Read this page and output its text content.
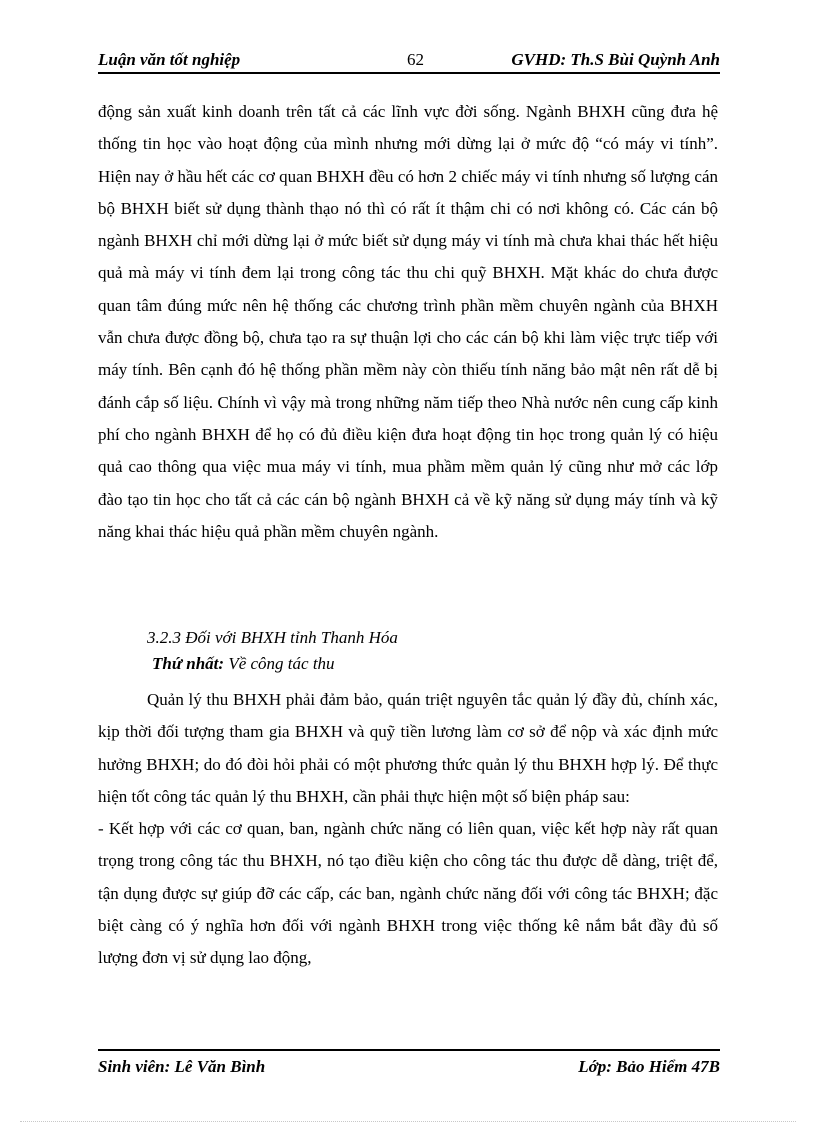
Luận văn tốt nghiệp	62	GVHD: Th.S Bùi Quỳnh Anh

động sản xuất kinh doanh trên tất cả các lĩnh vực đời sống. Ngành BHXH cũng đưa hệ thống tin học vào hoạt động của mình nhưng mới dừng lại ở mức độ “có máy vi tính”. Hiện nay ở hầu hết các cơ quan BHXH đều có hơn 2 chiếc máy vi tính nhưng số lượng cán bộ BHXH biết sử dụng thành thạo nó thì có rất ít thậm chi có nơi không có. Các cán bộ ngành BHXH chỉ mới dừng lại ở mức biết sử dụng máy vi tính mà chưa khai thác hết hiệu quả mà máy vi tính đem lại trong công tác thu chi quỹ BHXH. Mặt khác do chưa được quan tâm đúng mức nên hệ thống các chương trình phần mềm chuyên ngành của BHXH vẫn chưa được đồng bộ, chưa tạo ra sự thuận lợi cho các cán bộ khi làm việc trực tiếp với máy tính. Bên cạnh đó hệ thống phần mềm này còn thiếu tính năng bảo mật nên rất dễ bị đánh cắp số liệu. Chính vì vậy mà trong những năm tiếp theo Nhà nước nên cung cấp kinh phí cho ngành BHXH để họ có đủ điều kiện đưa hoạt động tin học trong quản lý có hiệu quả cao thông qua việc mua máy vi tính, mua phầm mềm quản lý cũng như mở các lớp đào tạo tin học cho tất cả các cán bộ ngành BHXH cả về kỹ năng sử dụng máy tính và kỹ năng khai thác hiệu quả phần mềm chuyên ngành.

3.2.3 Đối với BHXH tỉnh Thanh Hóa
Thứ nhất: Về công tác thu

Quản lý thu BHXH phải đảm bảo, quán triệt nguyên tắc quản lý đầy đủ, chính xác, kịp thời đối tượng tham gia BHXH và quỹ tiền lương làm cơ sở để nộp và xác định mức hưởng BHXH; do đó đòi hỏi phải có một phương thức quản lý thu BHXH hợp lý. Để thực hiện tốt công tác quản lý thu BHXH, cần phải thực hiện một số biện pháp sau:

- Kết hợp với các cơ quan, ban, ngành chức năng có liên quan, việc kết hợp này rất quan trọng trong công tác thu BHXH, nó tạo điều kiện cho công tác thu được dễ dàng, triệt để, tận dụng được sự giúp đỡ các cấp, các ban, ngành chức năng đối với công tác BHXH; đặc biệt càng có ý nghĩa hơn đối với ngành BHXH trong việc thống kê nắm bắt đầy đủ số lượng đơn vị sử dụng lao động,

Sinh viên: Lê Văn Bình	Lớp: Bảo Hiểm 47B
